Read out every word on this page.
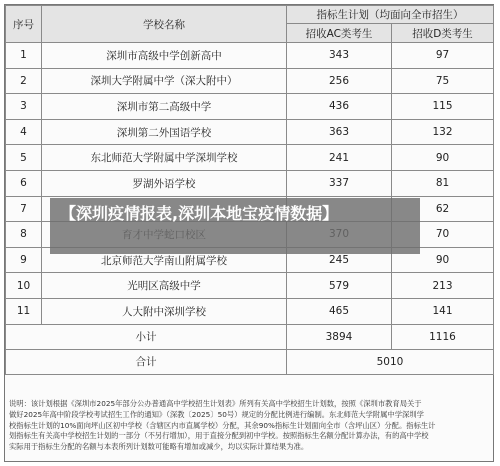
序号	学校名称	指标生计划（均面向全市招生）	
		招收AC类考生	招收D类考生
1	深圳市高级中学创新高中	343	97
2	深圳大学附属中学（深大附中）	256	75
3	深圳市第二高级中学	436	115
4	深圳第二外国语学校	363	132
5	东北师范大学附属中学深圳学校	241	90
6	罗湖外语学校	337	81
7			62
8			70
9	北京师范大学南山附属学校	245	90
10	光明区高级中学	579	213
11	人大附中深圳学校	465	141
小计		3894	1116
合计		5010	
说明：该计划根据《深圳市2025年部分公办普通高中学校招生计划表》所列有关高中学校招生计划数，按照《深圳市教育局关于
做好2025年高中阶段学校考试招生工作的通知》（深教〔2025〕50号）规定的分配比例进行编制。东北师范大学附属中学深圳学
校指标生计划的10%面向坪山区初中学校（含辖区内市直属学校）分配，其余90%指标生计划面向全市（含坪山区）分配。指标生计
划指标生有关高中学校招生计划的一部分（不另行增加），用于直接分配到初中学校。按照指标生名额分配计算办法，有的高中学校
实际用于指标生分配的名额与本表所列计划数可能略有增加或减少，均以实际计算结果为准。
【深圳疫情报表,深圳本地宝疫情数据】
